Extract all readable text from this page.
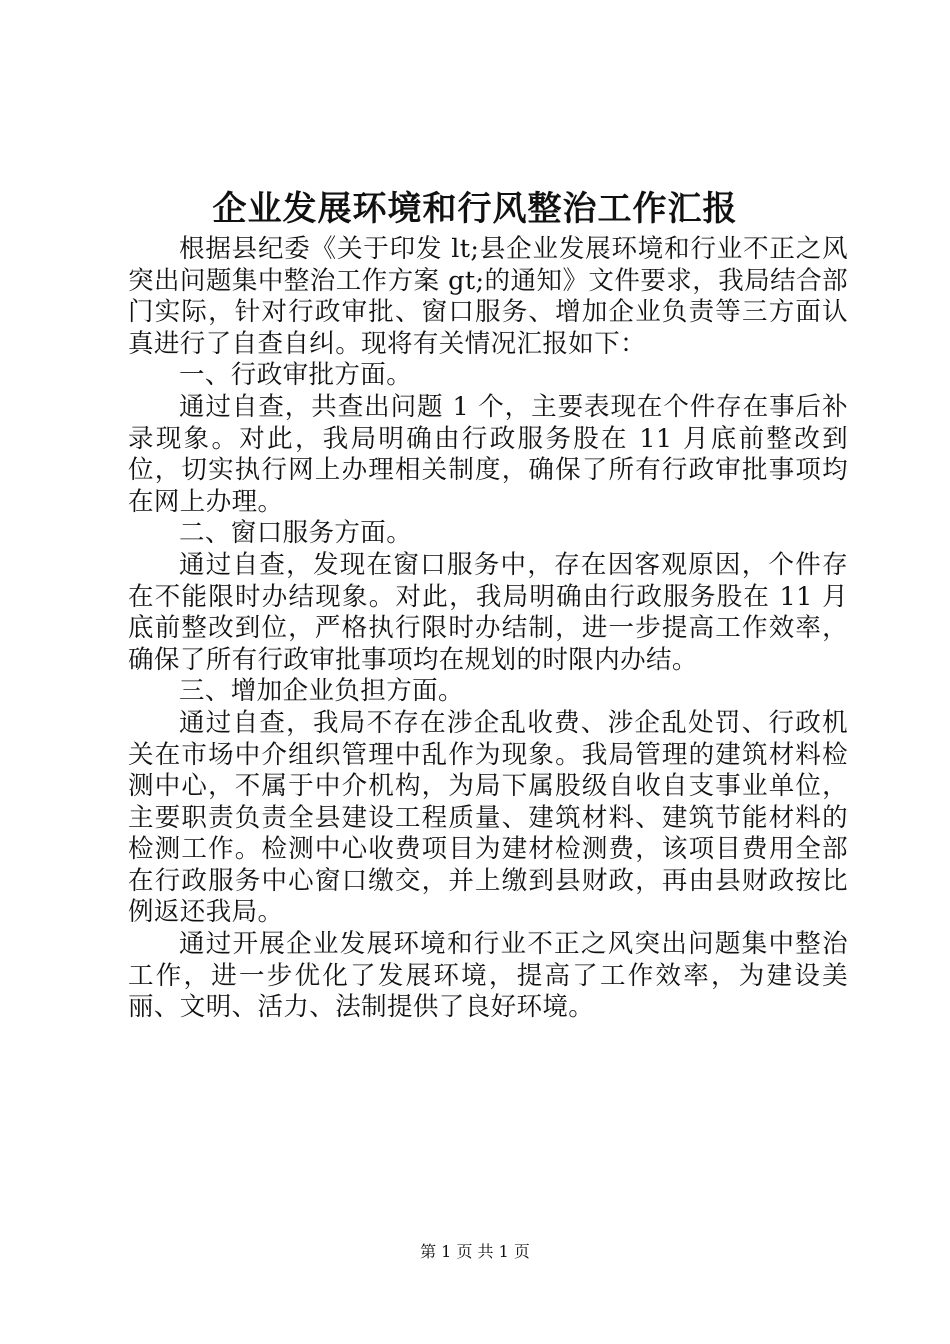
企业发展环境和行风整治工作汇报

根据县纪委《关于印发 lt;县企业发展环境和行业不正之风突出问题集中整治工作方案 gt;的通知》文件要求，我局结合部门实际，针对行政审批、窗口服务、增加企业负责等三方面认真进行了自查自纠。现将有关情况汇报如下：

一、行政审批方面。

通过自查，共查出问题 1 个，主要表现在个件存在事后补录现象。对此，我局明确由行政服务股在 11 月底前整改到位，切实执行网上办理相关制度，确保了所有行政审批事项均在网上办理。

二、窗口服务方面。

通过自查，发现在窗口服务中，存在因客观原因，个件存在不能限时办结现象。对此，我局明确由行政服务股在 11 月底前整改到位，严格执行限时办结制，进一步提高工作效率，确保了所有行政审批事项均在规划的时限内办结。

三、增加企业负担方面。

通过自查，我局不存在涉企乱收费、涉企乱处罚、行政机关在市场中介组织管理中乱作为现象。我局管理的建筑材料检测中心，不属于中介机构，为局下属股级自收自支事业单位，主要职责负责全县建设工程质量、建筑材料、建筑节能材料的检测工作。检测中心收费项目为建材检测费，该项目费用全部在行政服务中心窗口缴交，并上缴到县财政，再由县财政按比例返还我局。

通过开展企业发展环境和行业不正之风突出问题集中整治工作，进一步优化了发展环境，提高了工作效率，为建设美丽、文明、活力、法制提供了良好环境。

第 1 页 共 1 页
